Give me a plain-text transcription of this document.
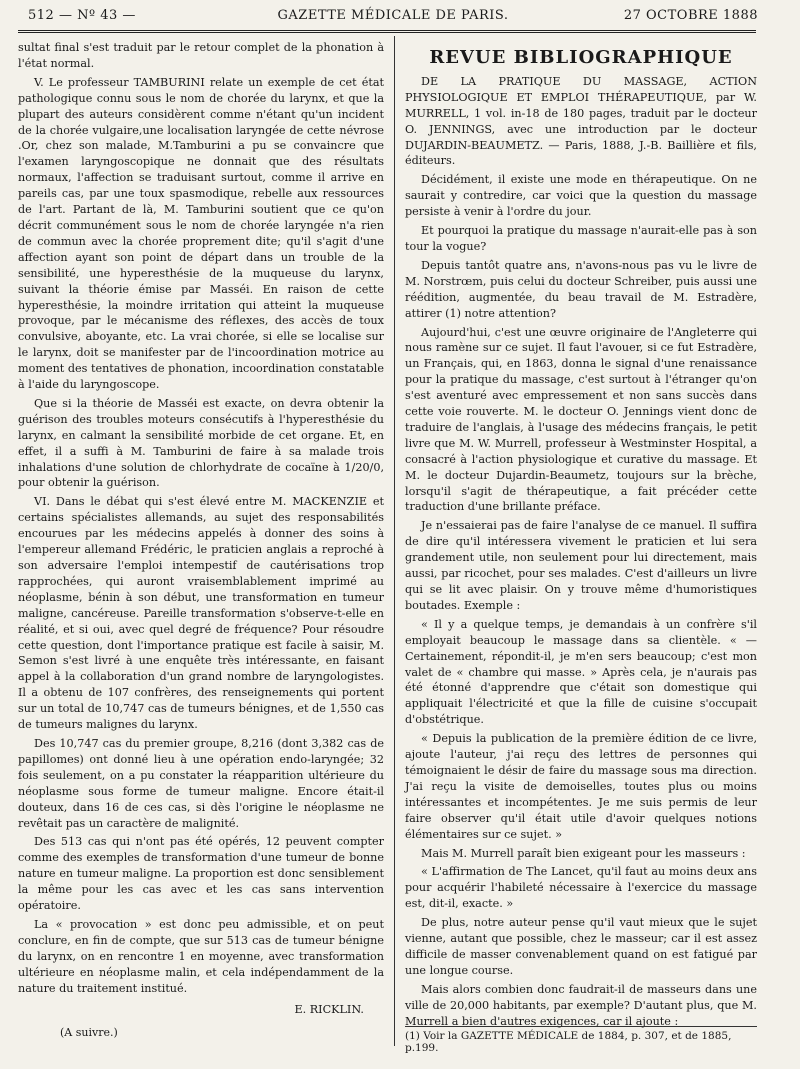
512 — Nº 43 —	GAZETTE MÉDICALE DE PARIS.	27 OCTOBRE 1888

sultat final s'est traduit par le retour complet de la phonation à l'état normal.

V. Le professeur TAMBURINI relate un exemple de cet état pathologique connu sous le nom de chorée du larynx, et que la plupart des auteurs considèrent comme n'étant qu'un incident de la chorée vulgaire,une localisation laryngée de cette névrose .Or, chez son malade, M.Tamburini a pu se convaincre que l'examen laryngoscopique ne donnait que des résultats normaux, l'affection se traduisant surtout, comme il arrive en pareils cas, par une toux spasmodique, rebelle aux ressources de l'art. Partant de là, M. Tamburini soutient que ce qu'on décrit communément sous le nom de chorée laryngée n'a rien de commun avec la chorée proprement dite; qu'il s'agit d'une affection ayant son point de départ dans un trouble de la sensibilité, une hyperesthésie de la muqueuse du larynx, suivant la théorie émise par Masséi. En raison de cette hyperesthésie, la moindre irritation qui atteint la muqueuse provoque, par le mécanisme des réflexes, des accès de toux convulsive, aboyante, etc. La vrai chorée, si elle se localise sur le larynx, doit se manifester par de l'incoordination motrice au moment des tentatives de phonation, incoordination constatable à l'aide du laryngoscope.

Que si la théorie de Masséi est exacte, on devra obtenir la guérison des troubles moteurs consécutifs à l'hyperesthésie du larynx, en calmant la sensibilité morbide de cet organe. Et, en effet, il a suffi à M. Tamburini de faire à sa malade trois inhalations d'une solution de chlorhydrate de cocaïne à 1/20/0, pour obtenir la guérison.

VI. Dans le débat qui s'est élevé entre M. MACKENZIE et certains spécialistes allemands, au sujet des responsabilités encourues par les médecins appelés à donner des soins à l'empereur allemand Frédéric, le praticien anglais a reproché à son adversaire l'emploi intempestif de cautérisations trop rapprochées, qui auront vraisemblablement imprimé au néoplasme, bénin à son début, une transformation en tumeur maligne, cancéreuse. Pareille transformation s'observe-t-elle en réalité, et si oui, avec quel degré de fréquence? Pour résoudre cette question, dont l'importance pratique est facile à saisir, M. Semon s'est livré à une enquête très intéressante, en faisant appel à la collaboration d'un grand nombre de laryngologistes. Il a obtenu de 107 confrères, des renseignements qui portent sur un total de 10,747 cas de tumeurs bénignes, et de 1,550 cas de tumeurs malignes du larynx.

Des 10,747 cas du premier groupe, 8,216 (dont 3,382 cas de papillomes) ont donné lieu à une opération endo-laryngée; 32 fois seulement, on a pu constater la réapparition ultérieure du néoplasme sous forme de tumeur maligne. Encore était-il douteux, dans 16 de ces cas, si dès l'origine le néoplasme ne revêtait pas un caractère de malignité.

Des 513 cas qui n'ont pas été opérés, 12 peuvent compter comme des exemples de transformation d'une tumeur de bonne nature en tumeur maligne. La proportion est donc sensiblement la même pour les cas avec et les cas sans intervention opératoire.

La « provocation » est donc peu admissible, et on peut conclure, en fin de compte, que sur 513 cas de tumeur bénigne du larynx, on en rencontre 1 en moyenne, avec transformation ultérieure en néoplasme malin, et cela indépendamment de la nature du traitement institué.

E. RICKLIN.
(A suivre.)
REVUE BIBLIOGRAPHIQUE

DE LA PRATIQUE DU MASSAGE, ACTION PHYSIOLOGIQUE ET EMPLOI THÉRAPEUTIQUE, par W. MURRELL, 1 vol. in-18 de 180 pages, traduit par le docteur O. JENNINGS, avec une introduction par le docteur DUJARDIN-BEAUMETZ. — Paris, 1888, J.-B. Baillière et fils, éditeurs.

Décidément, il existe une mode en thérapeutique. On ne saurait y contredire, car voici que la question du massage persiste à venir à l'ordre du jour.

Et pourquoi la pratique du massage n'aurait-elle pas à son tour la vogue?

Depuis tantôt quatre ans, n'avons-nous pas vu le livre de M. Norstrœm, puis celui du docteur Schreiber, puis aussi une réédition, augmentée, du beau travail de M. Estradère, attirer (1) notre attention?

Aujourd'hui, c'est une œuvre originaire de l'Angleterre qui nous ramène sur ce sujet. Il faut l'avouer, si ce fut Estradère, un Français, qui, en 1863, donna le signal d'une renaissance pour la pratique du massage, c'est surtout à l'étranger qu'on s'est aventuré avec empressement et non sans succès dans cette voie rouverte. M. le docteur O. Jennings vient donc de traduire de l'anglais, à l'usage des médecins français, le petit livre que M. W. Murrell, professeur à Westminster Hospital, a consacré à l'action physiologique et curative du massage. Et M. le docteur Dujardin-Beaumetz, toujours sur la brèche, lorsqu'il s'agit de thérapeutique, a fait précéder cette traduction d'une brillante préface.

Je n'essaierai pas de faire l'analyse de ce manuel. Il suffira de dire qu'il intéressera vivement le praticien et lui sera grandement utile, non seulement pour lui directement, mais aussi, par ricochet, pour ses malades. C'est d'ailleurs un livre qui se lit avec plaisir. On y trouve même d'humoristiques boutades. Exemple :

« Il y a quelque temps, je demandais à un confrère s'il employait beaucoup le massage dans sa clientèle. « — Certainement, répondit-il, je m'en sers beaucoup; c'est mon valet de « chambre qui masse. » Après cela, je n'aurais pas été étonné d'apprendre que c'était son domestique qui appliquait l'électricité et que la fille de cuisine s'occupait d'obstétrique.

« Depuis la publication de la première édition de ce livre, ajoute l'auteur, j'ai reçu des lettres de personnes qui témoignaient le désir de faire du massage sous ma direction. J'ai reçu la visite de demoiselles, toutes plus ou moins intéressantes et incompétentes. Je me suis permis de leur faire observer qu'il était utile d'avoir quelques notions élémentaires sur ce sujet. »

Mais M. Murrell paraît bien exigeant pour les masseurs :

« L'affirmation de The Lancet, qu'il faut au moins deux ans pour acquérir l'habileté nécessaire à l'exercice du massage est, dit-il, exacte. »

De plus, notre auteur pense qu'il vaut mieux que le sujet vienne, autant que possible, chez le masseur; car il est assez difficile de masser convenablement quand on est fatigué par une longue course.

Mais alors combien donc faudrait-il de masseurs dans une ville de 20,000 habitants, par exemple? D'autant plus, que M. Murrell a bien d'autres exigences, car il ajoute :

(1) Voir la GAZETTE MÉDICALE de 1884, p. 307, et de 1885, p.199.
